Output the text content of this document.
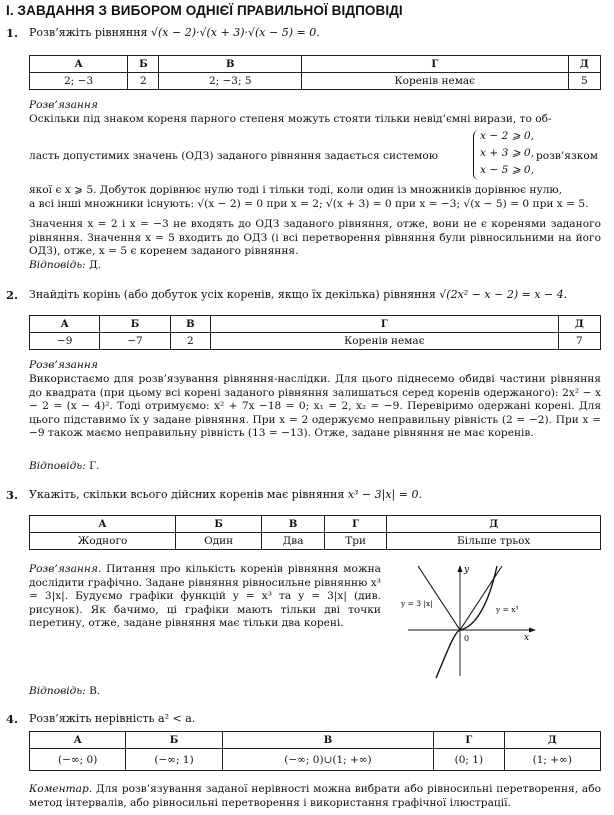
I. ЗАВДАННЯ З ВИБОРОМ ОДНІЄЇ ПРАВИЛЬНОЇ ВІДПОВІДІ
1. Розв’яжіть рівняння √(x − 2)·√(x + 3)·√(x − 5) = 0.
А	Б	В	Г	Д
2; −3	2	2; −3; 5	Коренів немає	5
Розв’язання
Оскільки під знаком кореня парного степеня можуть стояти тільки невід’ємні вирази, то об-
ласть допустимих значень (ОДЗ) заданого рівняння задається системою
x − 2 ⩾ 0,
x + 3 ⩾ 0,
x − 5 ⩾ 0,
розв’язком
якої є x ⩾ 5. Добуток дорівнює нулю тоді і тільки тоді, коли один із множників дорівнює нулю,
а всі інші множники існують: √(x − 2) = 0 при x = 2; √(x + 3) = 0 при x = −3; √(x − 5) = 0 при x = 5.
Значення x = 2 і x = −3 не входять до ОДЗ заданого рівняння, отже, вони не є коренями заданого рівняння. Значення x = 5 входить до ОДЗ (і всі перетворення рівняння були рівносильними на його ОДЗ), отже, x = 5 є коренем заданого рівняння.
Відповідь: Д.
2. Знайдіть корінь (або добуток усіх коренів, якщо їх декілька) рівняння √(2x² − x − 2) = x − 4.
А	Б	В	Г	Д
−9	−7	2	Коренів немає	7
Розв’язання
Використаємо для розв’язування рівняння-наслідки. Для цього піднесемо обидві частини рівняння до квадрата (при цьому всі корені заданого рівняння залишаться серед коренів одержаного): 2x² − x − 2 = (x − 4)². Тоді отримуємо: x² + 7x −18 = 0; x₁ = 2, x₂ = −9. Перевіримо одержані корені. Для цього підставимо їх у задане рівняння. При x = 2 одержуємо неправильну рівність (2 = −2). При x = −9 також маємо неправильну рівність (13 = −13). Отже, задане рівняння не має коренів.
Відповідь: Г.
3. Укажіть, скільки всього дійсних коренів має рівняння x³ − 3|x| = 0.
А	Б	В	Г	Д
Жодного	Один	Два	Три	Більше трьох
Розв’язання. Питання про кількість коренів рівняння можна дослідити графічно. Задане рівняння рівносильне рівнянню x³ = 3|x|. Будуємо графіки функцій y = x³ та y = 3|x| (див. рисунок). Як бачимо, ці графіки мають тільки дві точки перетину, отже, задане рівняння має тільки два корені.
y
x
0
y = 3 |x|
y = x³
Відповідь: В.
4. Розв’яжіть нерівність a² < a.
А	Б	В	Г	Д
(−∞; 0)	(−∞; 1)	(−∞; 0)∪(1; +∞)	(0; 1)	(1; +∞)
Коментар. Для розв’язування заданої нерівності можна вибрати або рівносильні перетворення, або метод інтервалів, або рівносильні перетворення і використання графічної ілюстрації.
